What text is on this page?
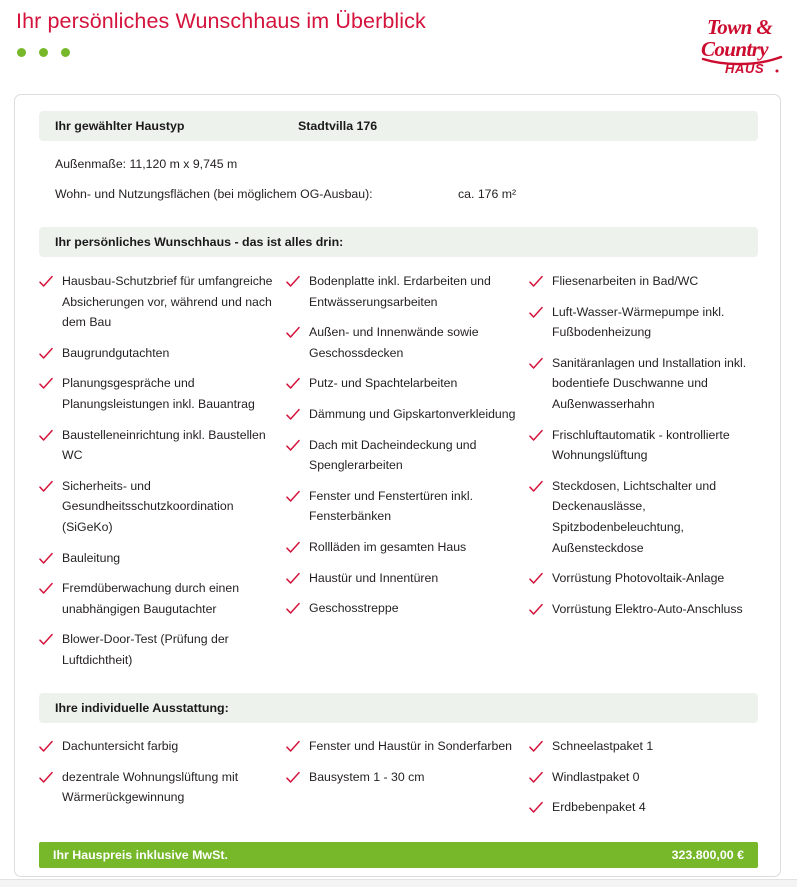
Ihr persönliches Wunschhaus im Überblick	Town &
Country
HAUS
Ihr gewählter Haustyp	Stadtvilla 176
Außenmaße: 11,120 m x 9,745 m
Wohn- und Nutzungsflächen (bei möglichem OG-Ausbau):	ca. 176 m²
Ihr persönliches Wunschhaus - das ist alles drin:
Hausbau-Schutzbrief für umfangreiche Absicherungen vor, während und nach dem Bau
Baugrundgutachten
Planungsgespräche und Planungsleistungen inkl. Bauantrag
Baustelleneinrichtung inkl. Baustellen WC
Sicherheits- und Gesundheitsschutzkoordination (SiGeKo)
Bauleitung
Fremdüberwachung durch einen unabhängigen Baugutachter
Blower-Door-Test (Prüfung der Luftdichtheit)
Bodenplatte inkl. Erdarbeiten und Entwässerungsarbeiten
Außen- und Innenwände sowie Geschossdecken
Putz- und Spachtelarbeiten
Dämmung und Gipskartonverkleidung
Dach mit Dacheindeckung und Spenglerarbeiten
Fenster und Fenstertüren inkl. Fensterbänken
Rollläden im gesamten Haus
Haustür und Innentüren
Geschosstreppe
Fliesenarbeiten in Bad/WC
Luft-Wasser-Wärmepumpe inkl. Fußbodenheizung
Sanitäranlagen und Installation inkl. bodentiefe Duschwanne und Außenwasserhahn
Frischluftautomatik - kontrollierte Wohnungslüftung
Steckdosen, Lichtschalter und Deckenauslässe, Spitzbodenbeleuchtung, Außensteckdose
Vorrüstung Photovoltaik-Anlage
Vorrüstung Elektro-Auto-Anschluss
Ihre individuelle Ausstattung:
Dachuntersicht farbig
dezentrale Wohnungslüftung mit Wärmerückgewinnung
Fenster und Haustür in Sonderfarben
Bausystem 1 - 30 cm
Schneelastpaket 1
Windlastpaket 0
Erdbebenpaket 4
Ihr Hauspreis inklusive MwSt.	323.800,00 €
